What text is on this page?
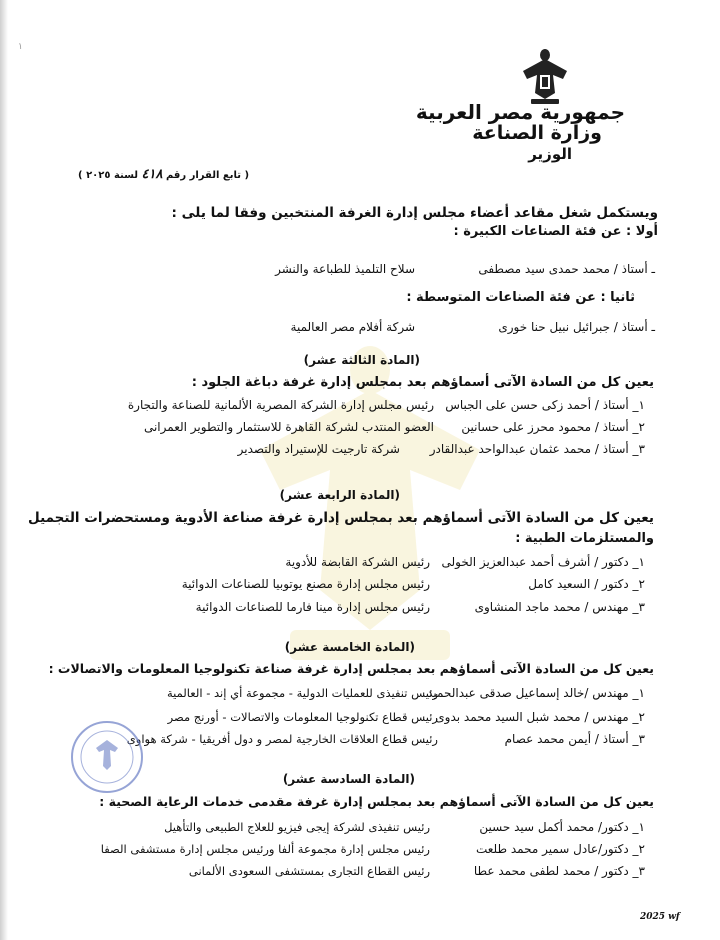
١
جمهورية مصر العربية
وزارة الصناعة
الوزير
( تابع القرار رقم ٤١٨ لسنة ٢٠٢٥ )
ويستكمل شغل مقاعد أعضاء مجلس إدارة الغرفة المنتخبين وفقا لما يلى :
أولا : عن فئة الصناعات الكبيرة :
ـ أستاذ / محمد حمدى سيد مصطفى
سلاح التلميذ للطباعة والنشر
ثانيا : عن فئة الصناعات المتوسطة :
ـ أستاذ / جبرائيل نبيل حنا خورى
شركة أفلام مصر العالمية
(المادة الثالثة عشر)
يعين كل من السادة الآتى أسماؤهم بعد بمجلس إدارة غرفة دباغة الجلود :
١_ أستاذ / أحمد زكى حسن على الجباس
رئيس مجلس إدارة الشركة المصرية الألمانية للصناعة والتجارة
٢_ أستاذ / محمود محرز على حسانين
العضو المنتدب لشركة القاهرة للاستثمار والتطوير العمرانى
٣_ أستاذ / محمد عثمان عبدالواحد عبدالقادر
شركة تارجيت للإستيراد والتصدير
(المادة الرابعة عشر)
يعين كل من السادة الآتى أسماؤهم بعد بمجلس إدارة غرفة صناعة الأدوية ومستحضرات التجميل
والمستلزمات الطبية :
١_ دكتور / أشرف أحمد عبدالعزيز الخولى
رئيس الشركة القابضة للأدوية
٢_ دكتور / السعيد كامل
رئيس مجلس إدارة مصنع يوتوبيا للصناعات الدوائية
٣_ مهندس / محمد ماجد المنشاوى
رئيس مجلس إدارة مينا فارما للصناعات الدوائية
(المادة الخامسة عشر)
يعين كل من السادة الآتى أسماؤهم بعد بمجلس إدارة غرفة صناعة تكنولوجيا المعلومات والاتصالات :
١_ مهندس /خالد إسماعيل صدقى عبدالحميد
رئيس تنفيذى للعمليات الدولية - مجموعة أي إند - العالمية
٢_ مهندس / محمد شبل السيد محمد بدوى
رئيس قطاع تكنولوجيا المعلومات والاتصالات - أورنج مصر
٣_ أستاذ / أيمن محمد عصام
رئيس قطاع العلاقات الخارجية لمصر و دول أفريقيا - شركة هواوى
(المادة السادسة عشر)
يعين كل من السادة الآتى أسماؤهم بعد بمجلس إدارة غرفة مقدمى خدمات الرعاية الصحية :
١_ دكتور/ محمد أكمل سيد حسين
رئيس تنفيذى لشركة إيجى فيزيو للعلاج الطبيعى والتأهيل
٢_ دكتور/عادل سمير محمد طلعت
رئيس مجلس إدارة مجموعة ألفا ورئيس مجلس إدارة مستشفى الصفا
٣_ دكتور / محمد لطفى محمد عطا
رئيس القطاع التجارى بمستشفى السعودى الألمانى
2025 wf
